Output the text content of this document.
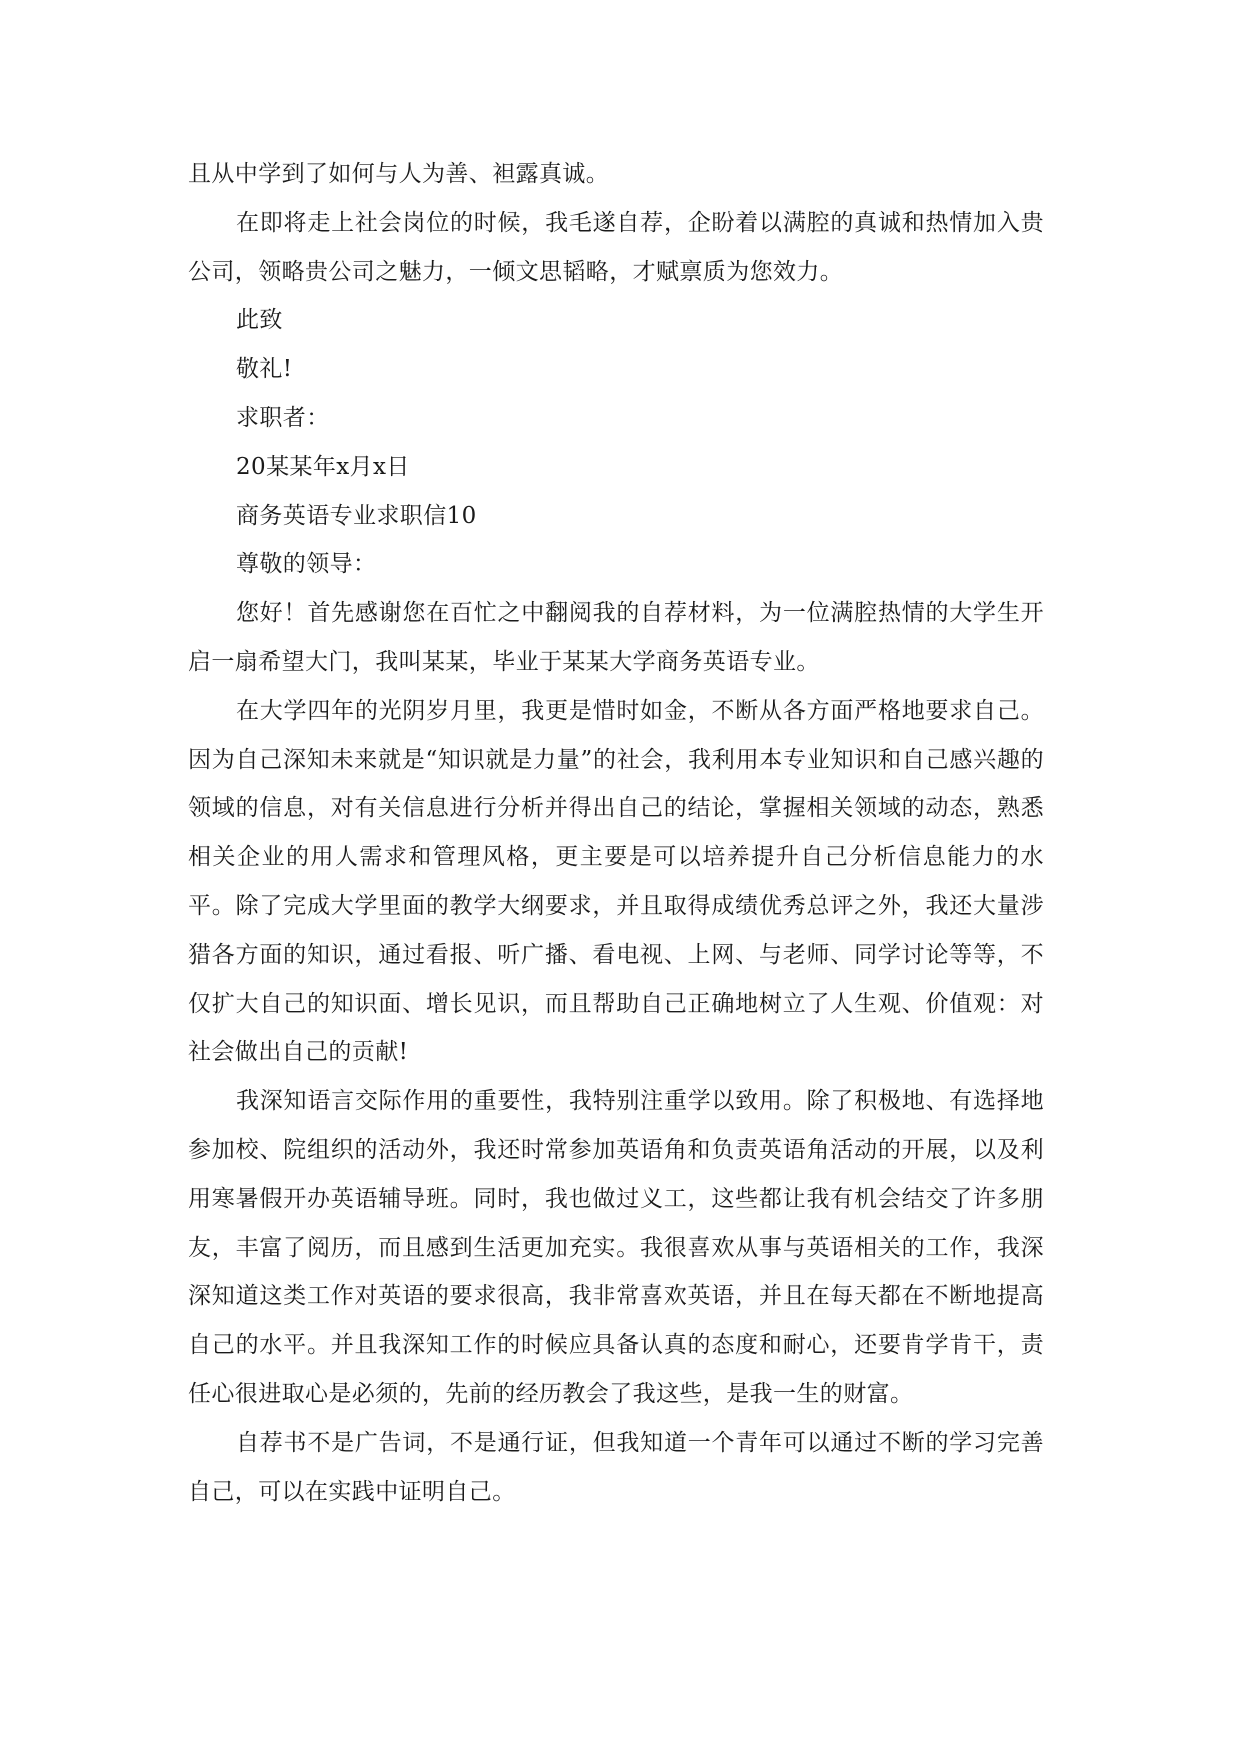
且从中学到了如何与人为善、袒露真诚。

在即将走上社会岗位的时候，我毛遂自荐，企盼着以满腔的真诚和热情加入贵公司，领略贵公司之魅力，一倾文思韬略，才赋禀质为您效力。

此致

敬礼!

求职者：

20某某年x月x日

商务英语专业求职信10

尊敬的领导：

您好！首先感谢您在百忙之中翻阅我的自荐材料，为一位满腔热情的大学生开启一扇希望大门，我叫某某，毕业于某某大学商务英语专业。

在大学四年的光阴岁月里，我更是惜时如金，不断从各方面严格地要求自己。因为自己深知未来就是“知识就是力量”的社会，我利用本专业知识和自己感兴趣的领域的信息，对有关信息进行分析并得出自己的结论，掌握相关领域的动态，熟悉相关企业的用人需求和管理风格，更主要是可以培养提升自己分析信息能力的水平。除了完成大学里面的教学大纲要求，并且取得成绩优秀总评之外，我还大量涉猎各方面的知识，通过看报、听广播、看电视、上网、与老师、同学讨论等等，不仅扩大自己的知识面、增长见识，而且帮助自己正确地树立了人生观、价值观：对社会做出自己的贡献!

我深知语言交际作用的重要性，我特别注重学以致用。除了积极地、有选择地参加校、院组织的活动外，我还时常参加英语角和负责英语角活动的开展，以及利用寒暑假开办英语辅导班。同时，我也做过义工，这些都让我有机会结交了许多朋友，丰富了阅历，而且感到生活更加充实。我很喜欢从事与英语相关的工作，我深深知道这类工作对英语的要求很高，我非常喜欢英语，并且在每天都在不断地提高自己的水平。并且我深知工作的时候应具备认真的态度和耐心，还要肯学肯干，责任心很进取心是必须的，先前的经历教会了我这些，是我一生的财富。

自荐书不是广告词，不是通行证，但我知道一个青年可以通过不断的学习完善自己，可以在实践中证明自己。
